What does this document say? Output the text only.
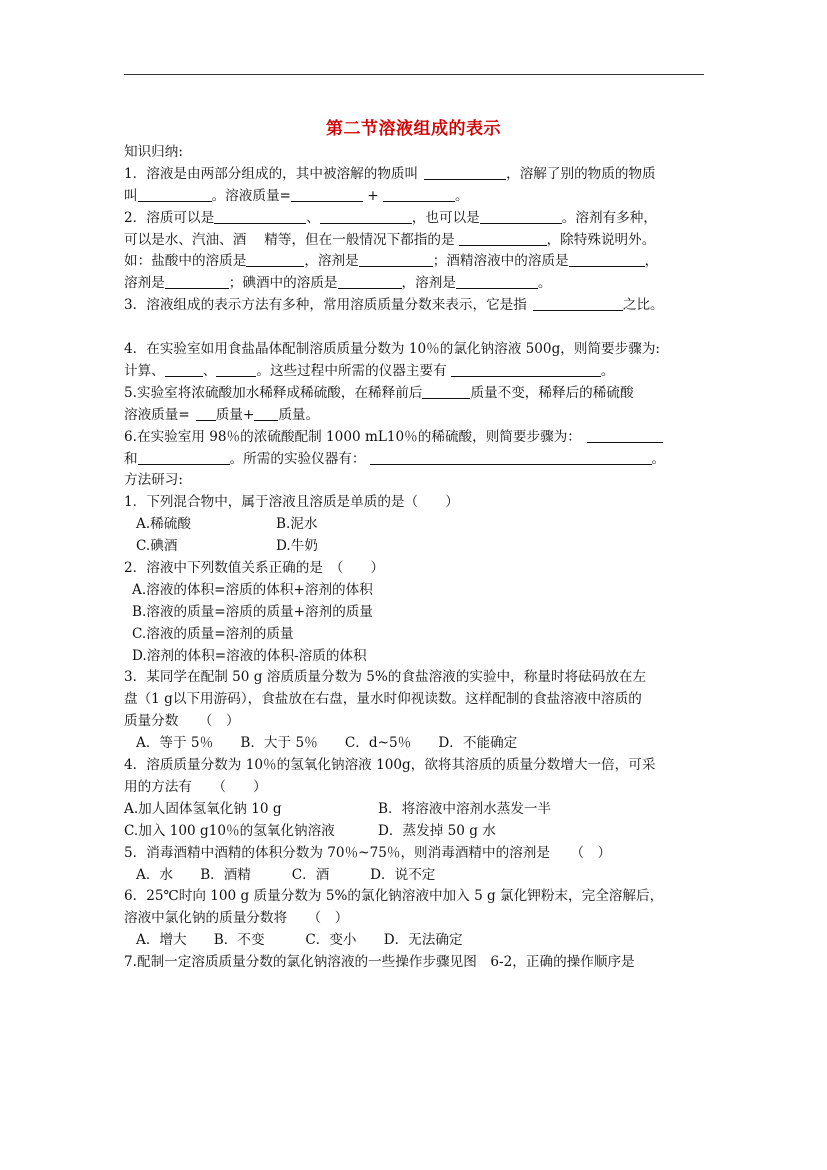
第二节溶液组成的表示
知识归纳:
1．溶液是由两部分组成的，其中被溶解的物质叫	，溶解了别的物质的物质
叫	。溶液质量=	+	。
2．溶质可以是	、	，也可以是	。溶剂有多种，
可以是水、汽油、酒　 精等，但在一般情况下都指的是	，除特殊说明外。
如：盐酸中的溶质是	，溶剂是	；酒精溶液中的溶质是	，
溶剂是	；碘酒中的溶质是	，溶剂是	。
3．溶液组成的表示方法有多种，常用溶质质量分数来表示，它是指	之比。
4．在实验室如用食盐晶体配制溶质质量分数为 10％的氯化钠溶液 500g，则简要步骤为:
计算、	、	。这些过程中所需的仪器主要有	。
5.实验室将浓硫酸加水稀释成稀硫酸，在稀释前后	质量不变，稀释后的稀硫酸
溶液质量= 质量+ 质量。
6.在实验室用 98％的浓硫酸配制 1000 mL10％的稀硫酸，则简要步骤为：
和	。所需的实验仪器有：	。
方法研习:
1．下列混合物中，属于溶液且溶质是单质的是（　　）
A.稀硫酸	B.泥水
C.碘酒	D.牛奶
2．溶液中下列数值关系正确的是　（　　）
A.溶液的体积=溶质的体积+溶剂的体积
B.溶液的质量=溶质的质量+溶剂的质量
C.溶液的质量=溶剂的质量
D.溶剂的体积=溶液的体积-溶质的体积
3．某同学在配制 50 g 溶质质量分数为 5%的食盐溶液的实验中，称量时将砝码放在左
盘（1 g以下用游码），食盐放在右盘，量水时仰视读数。这样配制的食盐溶液中溶质的
质量分数　　（　）
A．等于 5％　　B．大于 5％　　C．d~5％　　D．不能确定
4．溶质质量分数为 10％的氢氧化钠溶液 100g，欲将其溶质的质量分数增大一倍，可采
用的方法有　　（　　）
A.加人固体氢氧化钠 10 g	B．将溶液中溶剂水蒸发一半
C.加入 100 g10％的氢氧化钠溶液	D．蒸发掉 50 g 水
5．消毒酒精中酒精的体积分数为 70％~75％，则消毒酒精中的溶剂是　　（　）
A．水　　B．酒精　　　C．酒　　　D．说不定
6．25℃时向 100 g 质量分数为 5%的氯化钠溶液中加入 5 g 氯化钾粉末，完全溶解后，
溶液中氯化钠的质量分数将　　（　）
A．增大　　B．不变　　　C．变小　　D．无法确定
7.配制一定溶质质量分数的氯化钠溶液的一些操作步骤见图　6-2，正确的操作顺序是
